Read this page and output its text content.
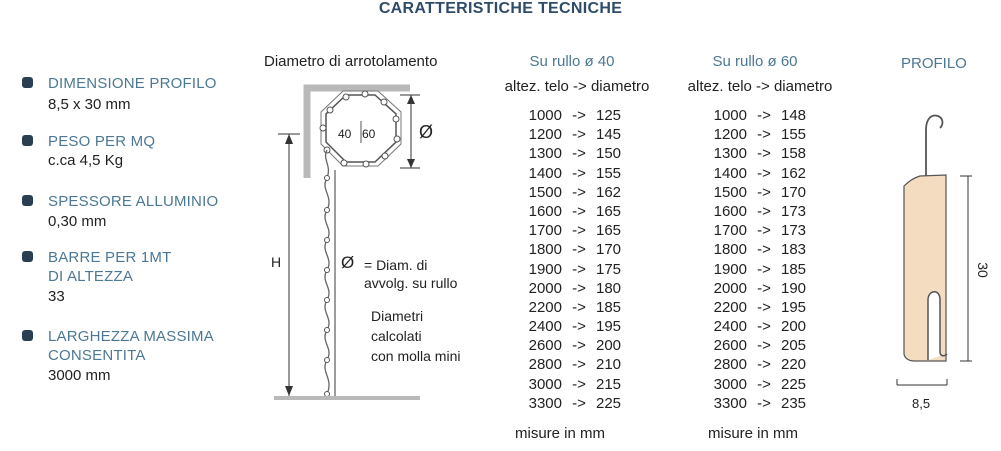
CARATTERISTICHE TECNICHE
DIMENSIONE PROFILO
8,5 x 30 mm
PESO PER MQ
c.ca 4,5 Kg
SPESSORE ALLUMINIO
0,30 mm
BARRE PER 1MT
DI ALTEZZA
33
LARGHEZZA MASSIMA
CONSENTITA
3000 mm
Diametro di arrotolamento
40 60
H
Ø
Ø = Diam. di
avvolg. su rullo
Diametri
calcolati
con molla mini
Su rullo ø 40
altez. telo -> diametro
1000 -> 125
1200 -> 145
1300 -> 150
1400 -> 155
1500 -> 162
1600 -> 165
1700 -> 165
1800 -> 170
1900 -> 175
2000 -> 180
2200 -> 185
2400 -> 195
2600 -> 200
2800 -> 210
3000 -> 215
3300 -> 225
misure in mm
Su rullo ø 60
altez. telo -> diametro
1000 -> 148
1200 -> 155
1300 -> 158
1400 -> 162
1500 -> 170
1600 -> 173
1700 -> 173
1800 -> 183
1900 -> 185
2000 -> 190
2200 -> 195
2400 -> 200
2600 -> 205
2800 -> 220
3000 -> 225
3300 -> 235
misure in mm
PROFILO
30
8,5
